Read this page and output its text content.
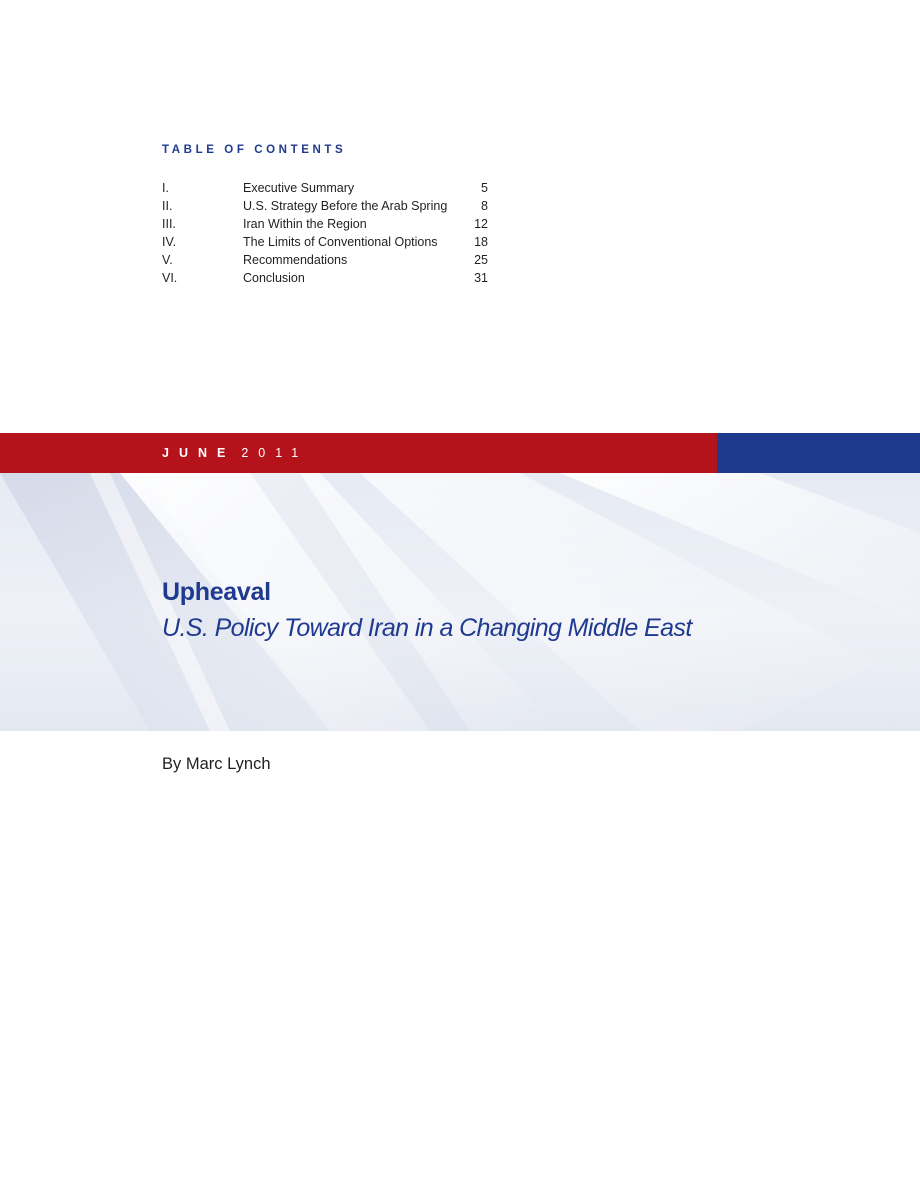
TABLE OF CONTENTS
I.	Executive Summary	5
II.	U.S. Strategy Before the Arab Spring	8
III.	Iran Within the Region	12
IV.	The Limits of Conventional Options	18
V.	Recommendations	25
VI.	Conclusion	31
JUNE 2011
Upheaval
U.S. Policy Toward Iran in a Changing Middle East
By Marc Lynch
